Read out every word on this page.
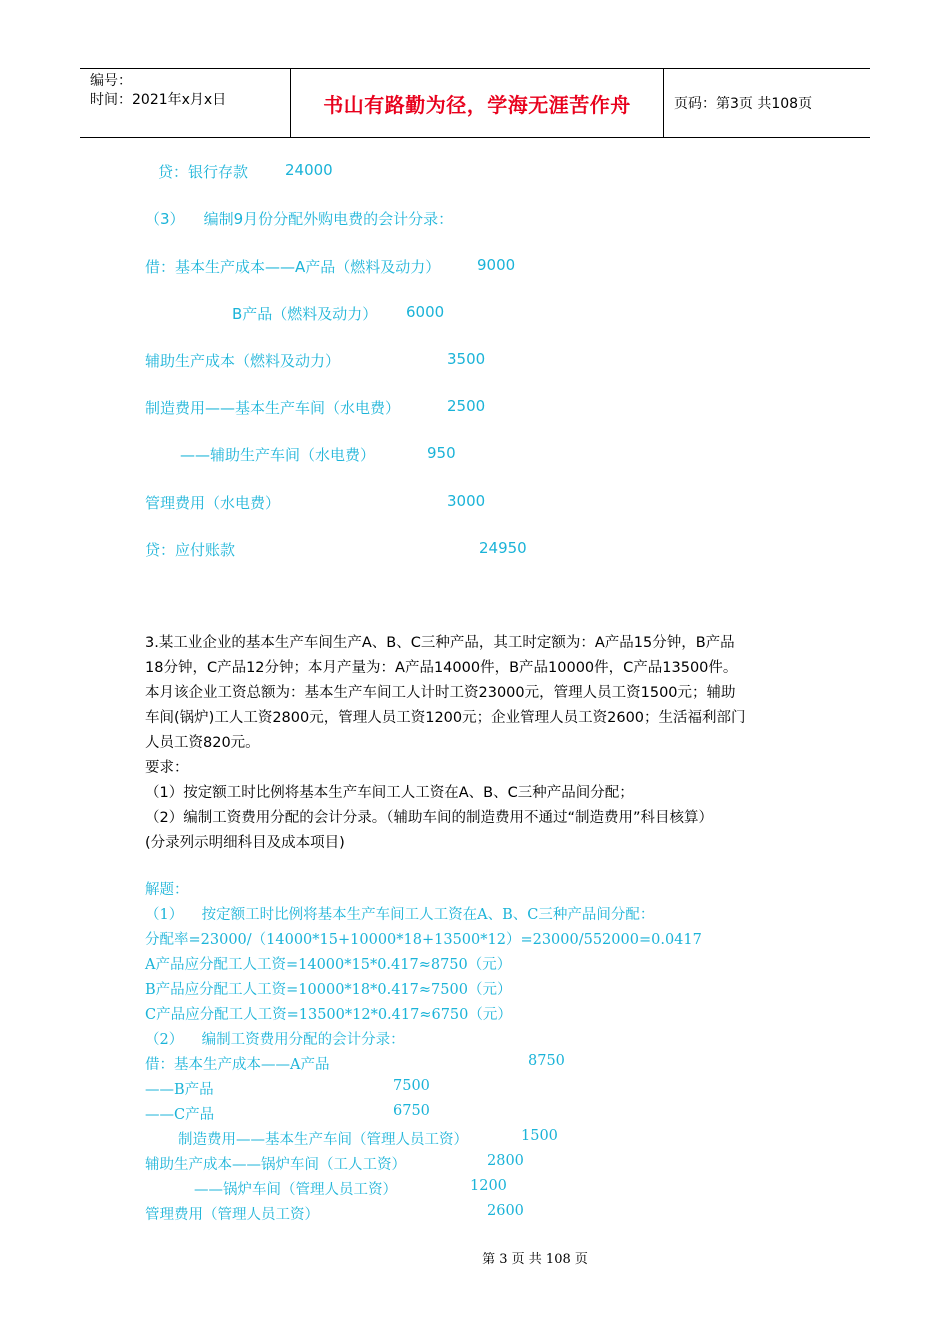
编号：
时间：2021年x月x日	书山有路勤为径，学海无涯苦作舟	页码：第3页 共108页
贷：银行存款 24000
（3）    编制9月份分配外购电费的会计分录：
借：基本生产成本——A产品（燃料及动力） 9000
B产品（燃料及动力） 6000
辅助生产成本（燃料及动力）	3500
制造费用——基本生产车间（水电费）	2500
——辅助生产车间（水电费）	950
管理费用（水电费）	3000
贷：应付账款	24950
3.某工业企业的基本生产车间生产A、B、C三种产品，其工时定额为：A产品15分钟，B产品
18分钟，C产品12分钟；本月产量为：A产品14000件，B产品10000件，C产品13500件。
本月该企业工资总额为：基本生产车间工人计时工资23000元，管理人员工资1500元；辅助
车间(锅炉)工人工资2800元，管理人员工资1200元；企业管理人员工资2600；生活福利部门
人员工资820元。
要求：
（1）按定额工时比例将基本生产车间工人工资在A、B、C三种产品间分配；
（2）编制工资费用分配的会计分录。（辅助车间的制造费用不通过“制造费用”科目核算）
(分录列示明细科目及成本项目)
解题：
（1）    按定额工时比例将基本生产车间工人工资在A、B、C三种产品间分配：
分配率=23000/（14000*15+10000*18+13500*12）=23000/552000=0.0417
A产品应分配工人工资=14000*15*0.417≈8750（元）
B产品应分配工人工资=10000*18*0.417≈7500（元）
C产品应分配工人工资=13500*12*0.417≈6750（元）
（2）    编制工资费用分配的会计分录：
借：基本生产成本——A产品	8750
——B产品	7500
——C产品	6750
制造费用——基本生产车间（管理人员工资）	1500
辅助生产成本——锅炉车间（工人工资）	2800
——锅炉车间（管理人员工资）	1200
管理费用（管理人员工资）	2600
第 3 页 共 108 页
